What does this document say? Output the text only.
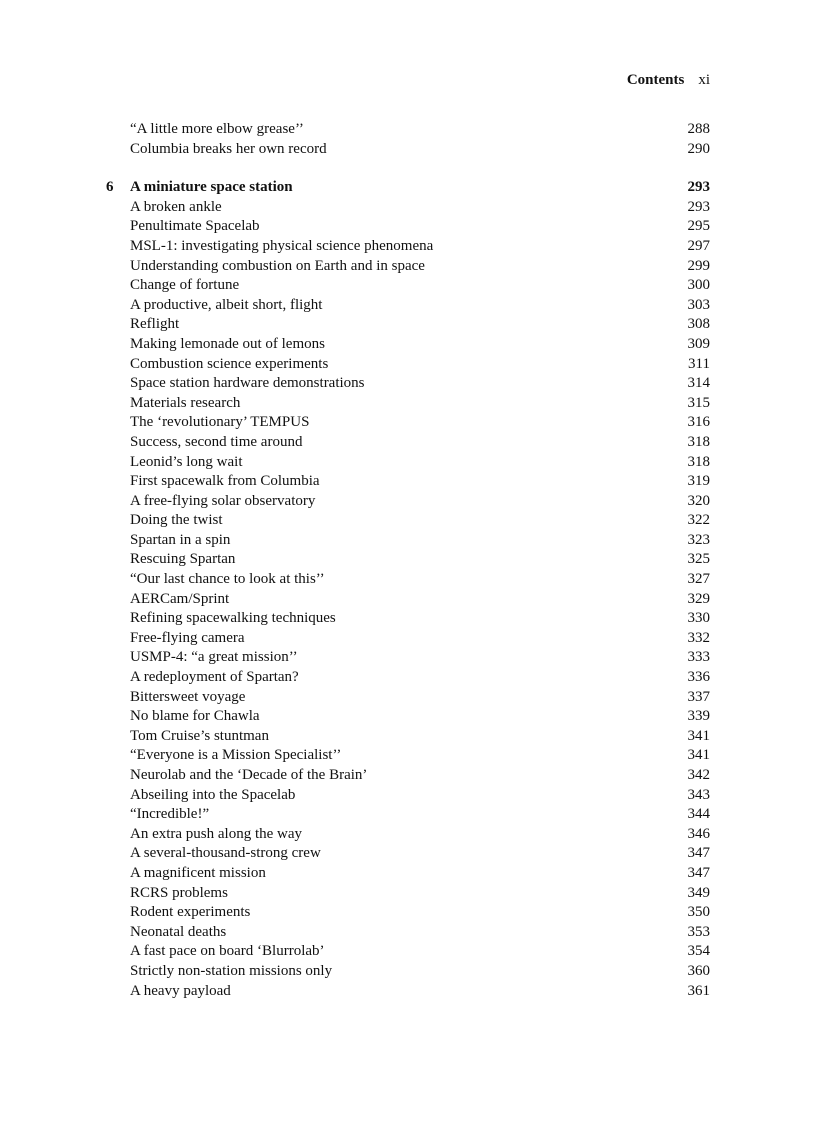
Contents xi
. . .
“A little more elbow grease’’	288
. . .
Columbia breaks her own record	290
6 . . .	A miniature space station	293
. . .
A broken ankle	293
. . .
Penultimate Spacelab	295
. . .
MSL-1: investigating physical science phenomena	297
. . .
Understanding combustion on Earth and in space	299
. . .
Change of fortune	300
. . .
A productive, albeit short, flight	303
. . .
Reflight	308
. . .
Making lemonade out of lemons	309
. . .
Combustion science experiments	311
. . .
Space station hardware demonstrations	314
. . .
Materials research	315
. . .
The ‘revolutionary’ TEMPUS	316
. . .
Success, second time around	318
. . .
Leonid’s long wait	318
. . .
First spacewalk from Columbia	319
. . .
A free-flying solar observatory	320
. . .
Doing the twist	322
. . .
Spartan in a spin	323
. . .
Rescuing Spartan	325
. . .
“Our last chance to look at this’’	327
. . .
AERCam/Sprint	329
. . .
Refining spacewalking techniques	330
. . .
Free-flying camera	332
. . .
USMP-4: “a great mission’’	333
. . .
A redeployment of Spartan?	336
. . .
Bittersweet voyage	337
. . .
No blame for Chawla	339
. . .
Tom Cruise’s stuntman	341
. . .
“Everyone is a Mission Specialist’’	341
. . .
Neurolab and the ‘Decade of the Brain’	342
. . .
Abseiling into the Spacelab	343
. . .
“Incredible!”	344
. . .
An extra push along the way	346
. . .
A several-thousand-strong crew	347
. . .
A magnificent mission	347
. . .
RCRS problems	349
. . .
Rodent experiments	350
. . .
Neonatal deaths	353
. . .
A fast pace on board ‘Blurrolab’	354
. . .
Strictly non-station missions only	360
. . .
A heavy payload	361
